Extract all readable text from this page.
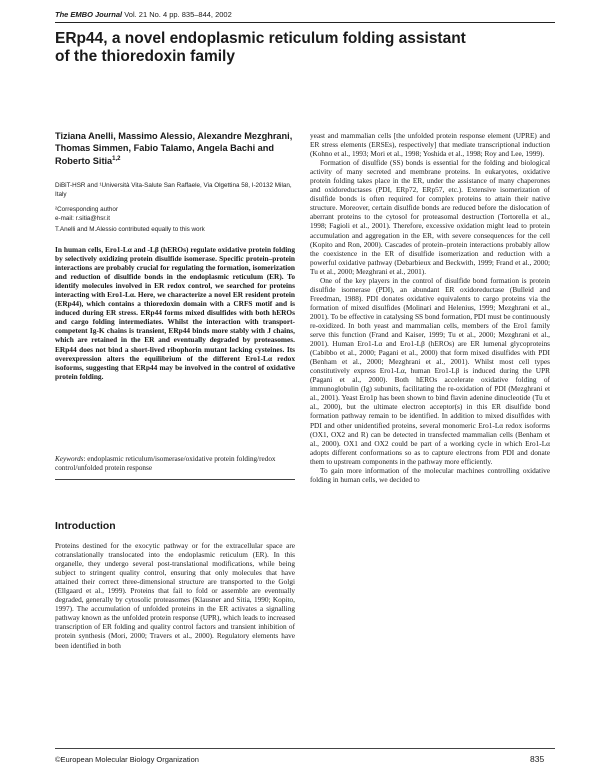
The EMBO Journal Vol. 21 No. 4 pp. 835–844, 2002
ERp44, a novel endoplasmic reticulum folding assistant of the thioredoxin family
Tiziana Anelli, Massimo Alessio, Alexandre Mezghrani, Thomas Simmen, Fabio Talamo, Angela Bachi and Roberto Sitia$^{1,2}$
DiBiT-HSR and ¹Università Vita-Salute San Raffaele, Via Olgettina 58, I-20132 Milan, Italy
²Corresponding author
e-mail: r.sitia@hsr.it
T.Anelli and M.Alessio contributed equally to this work
In human cells, Ero1-Lα and -Lβ (hEROs) regulate oxidative protein folding by selectively oxidizing protein disulfide isomerase. Specific protein–protein interactions are probably crucial for regulating the formation, isomerization and reduction of disulfide bonds in the endoplasmic reticulum (ER). To identify molecules involved in ER redox control, we searched for proteins interacting with Ero1-Lα. Here, we characterize a novel ER resident protein (ERp44), which contains a thioredoxin domain with a CRFS motif and is induced during ER stress. ERp44 forms mixed disulfides with both hEROs and cargo folding intermediates. Whilst the interaction with transport-competent Ig-K chains is transient, ERp44 binds more stably with J chains, which are retained in the ER and eventually degraded by proteasomes. ERp44 does not bind a short-lived ribophorin mutant lacking cysteines. Its overexpression alters the equilibrium of the different Ero1-Lα redox isoforms, suggesting that ERp44 may be involved in the control of oxidative protein folding.
Keywords: endoplasmic reticulum/isomerase/oxidative protein folding/redox control/unfolded protein response
Introduction

Proteins destined for the exocytic pathway or for the extracellular space are cotranslationally translocated into the endoplasmic reticulum (ER). In this organelle, they undergo several post-translational modifications, while being subject to stringent quality control, ensuring that only molecules that have attained their correct three-dimensional structure are transported to the Golgi (Ellgaard et al., 1999). Proteins that fail to fold or assemble are eventually degraded, generally by cytosolic proteasomes (Klausner and Sitia, 1990; Kopito, 1997). The accumulation of unfolded proteins in the ER activates a signalling pathway known as the unfolded protein response (UPR), which leads to increased transcription of ER folding and quality control factors and transient inhibition of protein synthesis (Mori, 2000; Travers et al., 2000). Regulatory elements have been identified in both

yeast and mammalian cells [the unfolded protein response element (UPRE) and ER stress elements (ERSEs), respectively] that mediate transcriptional induction (Kohno et al., 1993; Mori et al., 1998; Yoshida et al., 1998; Roy and Lee, 1999).

Formation of disulfide (SS) bonds is essential for the folding and biological activity of many secreted and membrane proteins. In eukaryotes, oxidative protein folding takes place in the ER, under the assistance of many chaperones and oxidoreductases (PDI, ERp72, ERp57, etc.). Extensive isomerization of disulfide bonds is often required for complex proteins to attain their native structure. Moreover, certain disulfide bonds are reduced before the dislocation of aberrant proteins to the cytosol for proteasomal destruction (Tortorella et al., 1998; Fagioli et al., 2001). Therefore, excessive oxidation might lead to protein accumulation and aggregation in the ER, with severe consequences for the cell (Kopito and Ron, 2000). Cascades of protein–protein interactions probably allow the coexistence in the ER of disulfide isomerization and reduction with a powerful oxidative pathway (Debarbieux and Beckwith, 1999; Frand et al., 2000; Tu et al., 2000; Mezghrani et al., 2001).

One of the key players in the control of disulfide bond formation is protein disulfide isomerase (PDI), an abundant ER oxidoreductase (Bulleid and Freedman, 1988). PDI donates oxidative equivalents to cargo proteins via the formation of mixed disulfides (Molinari and Helenius, 1999; Mezghrani et al., 2001). To be effective in catalysing SS bond formation, PDI must be continuously re-oxidized. In both yeast and mammalian cells, members of the Ero1 family serve this function (Frand and Kaiser, 1999; Tu et al., 2000; Mezghrani et al., 2001). Human Ero1-Lα and Ero1-Lβ (hEROs) are ER lumenal glycoproteins (Cabibbo et al., 2000; Pagani et al., 2000) that form mixed disulfides with PDI (Benham et al., 2000; Mezghrani et al., 2001). Whilst most cell types constitutively express Ero1-Lα, human Ero1-Lβ is induced during the UPR (Pagani et al., 2000). Both hEROs accelerate oxidative folding of immunoglobulin (Ig) subunits, facilitating the re-oxidation of PDI (Mezghrani et al., 2001). Yeast Ero1p has been shown to bind flavin adenine dinucleotide (Tu et al., 2000), but the ultimate electron acceptor(s) in this ER disulfide bond formation pathway remain to be identified. In addition to mixed disulfides with PDI and other unidentified proteins, several monomeric Ero1-Lα redox isoforms (OX1, OX2 and R) can be detected in transfected mammalian cells (Benham et al., 2000). OX1 and OX2 could be part of a working cycle in which Ero1-Lα adopts different conformations so as to capture electrons from PDI and donate them to upstream components in the pathway more efficiently.

To gain more information of the molecular machines controlling oxidative folding in human cells, we decided to

©European Molecular Biology Organization	835
